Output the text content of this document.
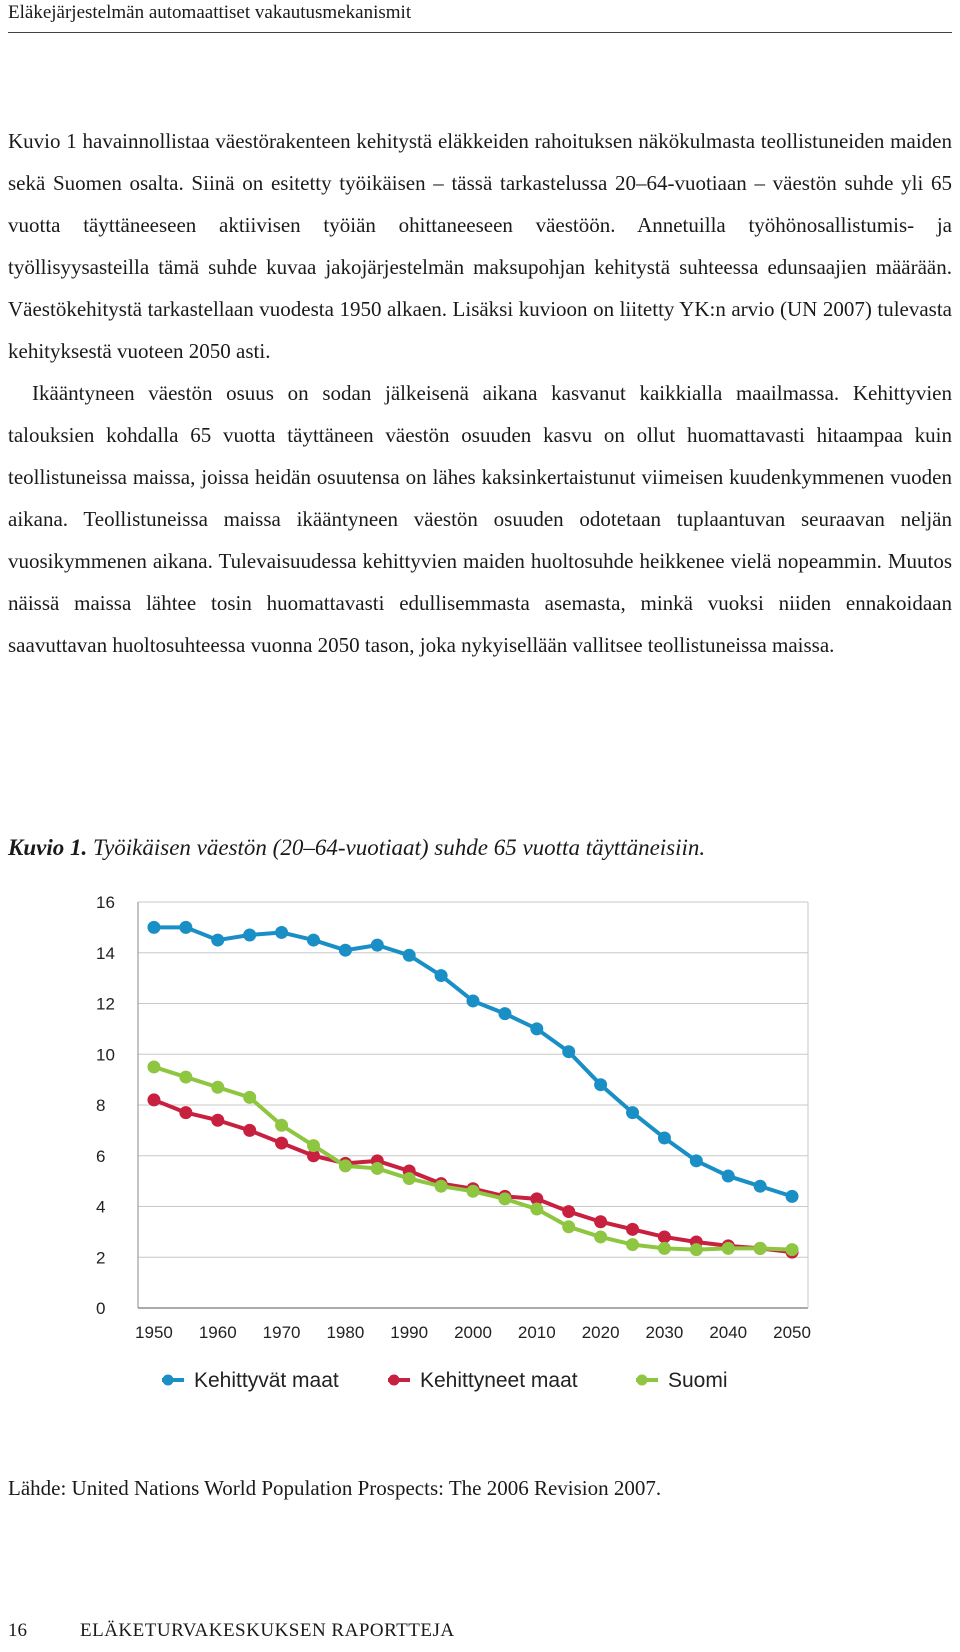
Eläkejärjestelmän automaattiset vakautusmekanismit
Kuvio 1 havainnollistaa väestörakenteen kehitystä eläkkeiden rahoituksen näkökulmasta teollistuneiden maiden sekä Suomen osalta. Siinä on esitetty työikäisen – tässä tarkastelussa 20–64-vuotiaan – väestön suhde yli 65 vuotta täyttäneeseen aktiivisen työiän ohittaneeseen väestöön. Annetuilla työhönosallistumis- ja työllisyysasteilla tämä suhde kuvaa jakojärjestelmän maksupohjan kehitystä suhteessa edunsaajien määrään. Väestökehitystä tarkastellaan vuodesta 1950 alkaen. Lisäksi kuvioon on liitetty YK:n arvio (UN 2007) tulevasta kehityksestä vuoteen 2050 asti.
Ikääntyneen väestön osuus on sodan jälkeisenä aikana kasvanut kaikkialla maailmassa. Kehittyvien talouksien kohdalla 65 vuotta täyttäneen väestön osuuden kasvu on ollut huomattavasti hitaampaa kuin teollistuneissa maissa, joissa heidän osuutensa on lähes kaksinkertaistunut viimeisen kuudenkymmenen vuoden aikana. Teollistuneissa maissa ikääntyneen väestön osuuden odotetaan tuplaantuvan seuraavan neljän vuosikymmenen aikana. Tulevaisuudessa kehittyvien maiden huoltosuhde heikkenee vielä nopeammin. Muutos näissä maissa lähtee tosin huomattavasti edullisemmasta asemasta, minkä vuoksi niiden ennakoidaan saavuttavan huoltosuhteessa vuonna 2050 tason, joka nykyisellään vallitsee teollistuneissa maissa.

Kuvio 1. Työikäisen väestön (20–64-vuotiaat) suhde 65 vuotta täyttäneisiin.

0
2
4
6
8
10
12
14
16
1950 1960 1970 1980 1990 2000 2010 2020 2030 2040 2050
Kehittyvät maat	Kehittyneet maat	Suomi

Lähde: United Nations World Population Prospects: The 2006 Revision 2007.

16	ELÄKETURVAKESKUKSEN RAPORTTEJA
